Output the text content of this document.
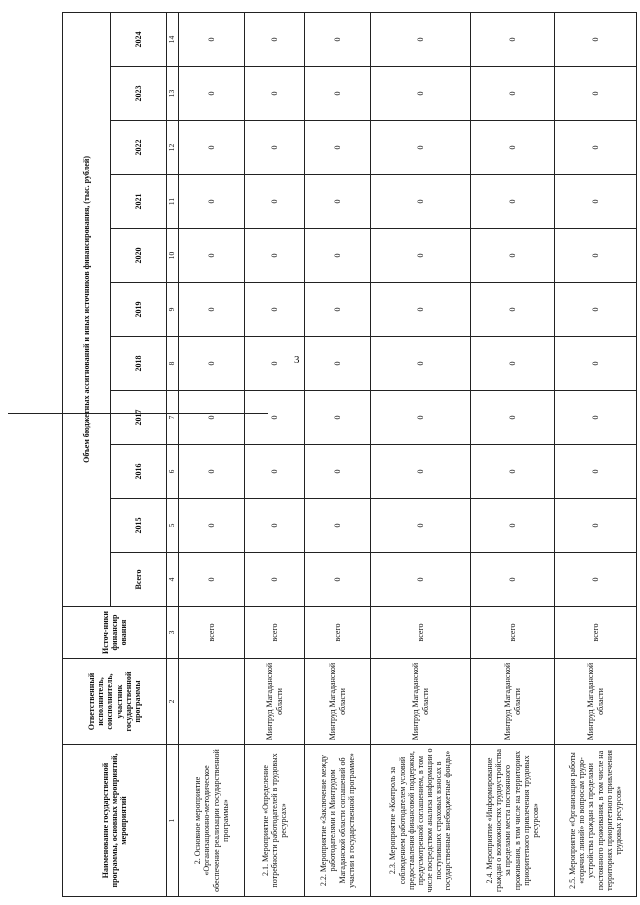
3
Наименование государственной программы, основных мероприятий, мероприятий	Ответственный исполнитель, соисполнитель, участник государственной программы	Источ-ники финансир ования	Объем бюджетных ассигнований и иных источников финансирования, (тыс. рублей)										
			Всего	2015	2016	2017	2018	2019	2020	2021	2022	2023	2024
1	2	3	4	5	6	7	8	9	10	11	12	13	14
2. Основное мероприятие «Организационно-методическое обеспечение реализации государственной программы»		всего	0	0	0	0	0	0	0	0	0	0	0
2.1. Мероприятие «Определение потребности работодателей в трудовых ресурсах»	Минтруд Магаданской области	всего	0	0	0	0	0	0	0	0	0	0	0
2.2. Мероприятие «Заключение между работодателями и Минтрудом Магаданской области соглашений об участии в государственной программе»	Минтруд Магаданской области	всего	0	0	0	0	0	0	0	0	0	0	0
2.3. Мероприятие «Контроль за соблюдением работодателем условий предоставления финансовой поддержки, предусмотренной соглашением, в том числе посредством анализа информации о поступивших страховых взносах в государственные внебюджетные фонды»	Минтруд Магаданской области	всего	0	0	0	0	0	0	0	0	0	0	0
2.4. Мероприятие «Информирование граждан о возможностях трудоустройства за пределами места постоянного проживания, в том числе на территориях приоритетного привлечения трудовых ресурсов»	Минтруд Магаданской области	всего	0	0	0	0	0	0	0	0	0	0	0
2.5. Мероприятие «Организация работы «горячих линий» по вопросам трудо-устройства граждан за пределами постоянного проживания, в том числе на территориях приоритетного привлечения трудовых ресурсов»	Минтруд Магаданской области	всего	0	0	0	0	0	0	0	0	0	0	0
